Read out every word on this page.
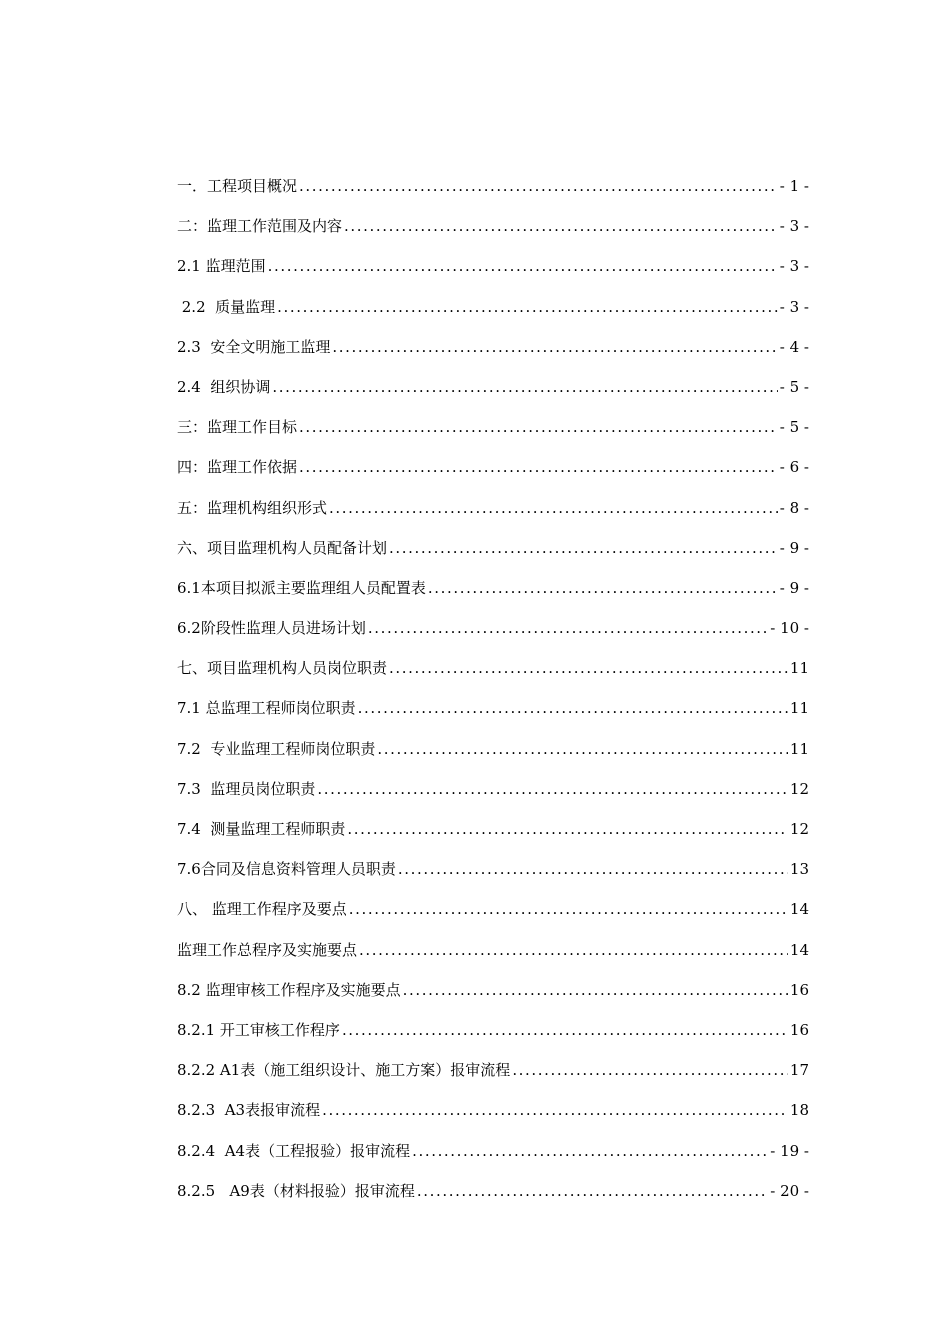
一．工程项目概况 .....	- 1 -
二：监理工作范围及内容 .....	- 3 -
2.1 监理范围 .....	- 3 -
2.2  质量监理 .....	- 3 -
2.3  安全文明施工监理 .....	- 4 -
2.4  组织协调 .....	- 5 -
三：监理工作目标 .....	- 5 -
四：监理工作依据 .....	- 6 -
五：监理机构组织形式 .....	- 8 -
六、项目监理机构人员配备计划 .....	- 9 -
6.1本项目拟派主要监理组人员配置表 .....	- 9 -
6.2阶段性监理人员进场计划 .....	- 10 -
七、项目监理机构人员岗位职责 .....	11
7.1 总监理工程师岗位职责 .....	11
7.2  专业监理工程师岗位职责 .....	11
7.3  监理员岗位职责 .....	12
7.4  测量监理工程师职责 .....	12
7.6合同及信息资料管理人员职责 .....	13
八、 监理工作程序及要点 .....	14
监理工作总程序及实施要点 .....	14
8.2 监理审核工作程序及实施要点 .....	16
8.2.1 开工审核工作程序 .....	16
8.2.2 A1表（施工组织设计、施工方案）报审流程 .....	17
8.2.3  A3表报审流程 .....	18
8.2.4  A4表（工程报验）报审流程 .....	- 19 -
8.2.5   A9表（材料报验）报审流程 .....	- 20 -
